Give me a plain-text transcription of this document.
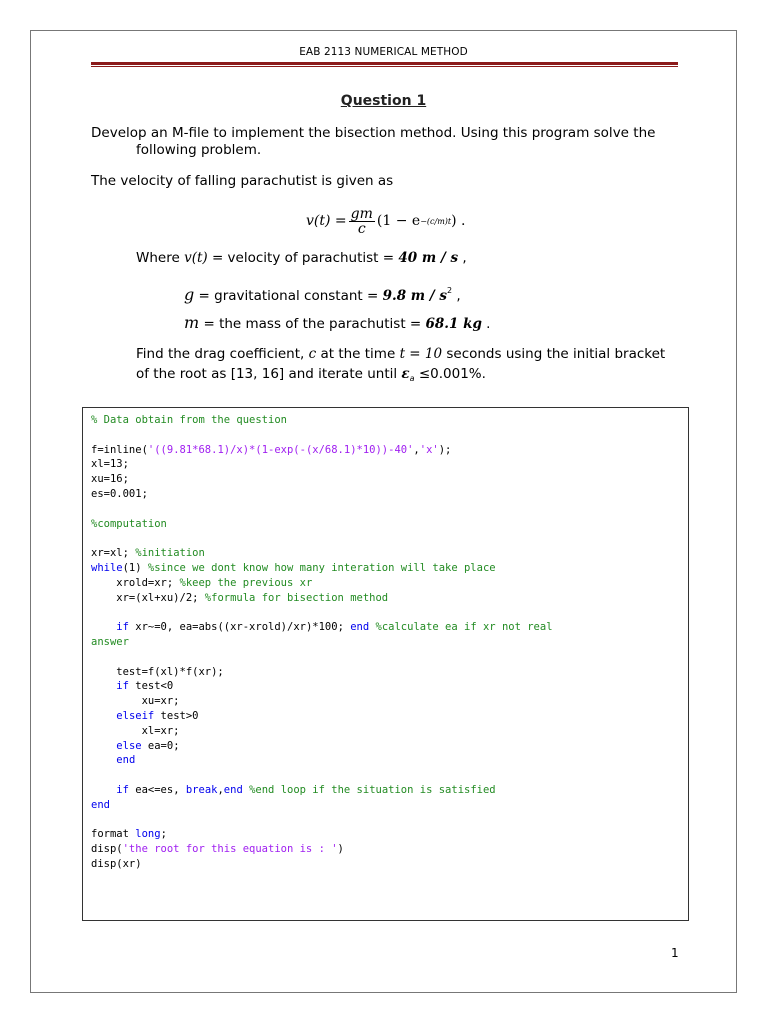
EAB 2113 NUMERICAL METHOD
Question 1
Develop an M-file to implement the bisection method. Using this program solve the
following problem.
The velocity of falling parachutist is given as
$v(t) = \frac{gm}{c} (1 - e -(c/m)t$ ) .
Where v(t) = velocity of parachutist = 40 m / s ,
g = gravitational constant = 9.8 m / $s^2$ ,
m = the mass of the parachutist = 68.1 kg .
Find the drag coefficient, c at the time t = 10 seconds using the initial bracket
of the root as [13, 16] and iterate until $\varepsilon_a \le 0.001\%$.
% Data obtain from the question
f=inline('((9.81*68.1)/x)*(1-exp(-(x/68.1)*10))-40','x');
xl=13;
xu=16;
es=0.001;
%computation
xr=xl; %initiation
while(1) %since we dont know how many interation will take place
xrold=xr; %keep the previous xr
xr=(xl+xu)/2; %formula for bisection method
if xr~=0, ea=abs((xr-xrold)/xr)*100; end %calculate ea if xr not real
answer
test=f(xl)*f(xr);
if test<0
xu=xr;
elseif test>0
xl=xr;
else ea=0;
end
if ea<=es, break,end %end loop if the situation is satisfied
end
format long;
disp('the root for this equation is : ')
disp(xr)
1
